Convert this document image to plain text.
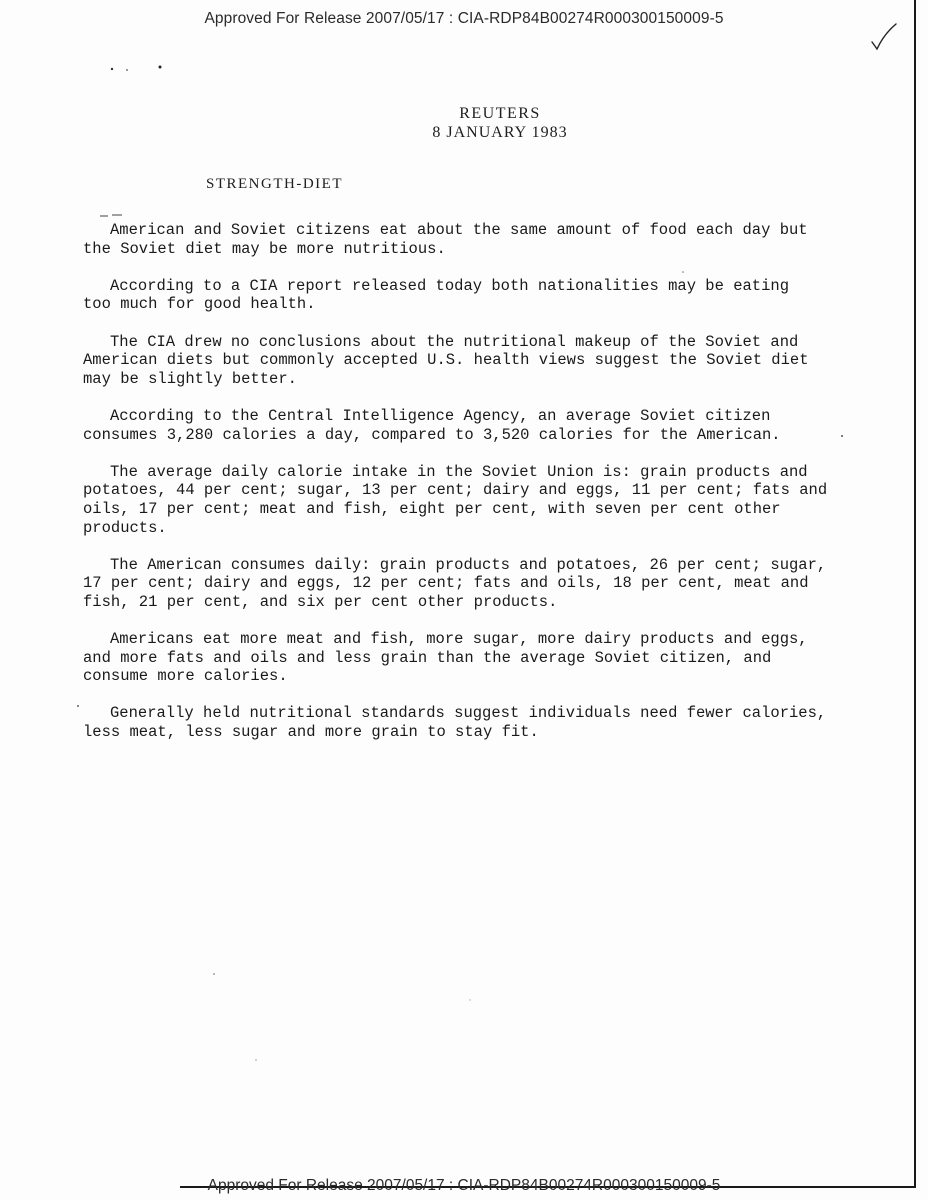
Approved For Release 2007/05/17 : CIA-RDP84B00274R000300150009-5
REUTERS
8 JANUARY 1983
STRENGTH-DIET

American and Soviet citizens eat about the same amount of food each day but
the Soviet diet may be more nutritious.

According to a CIA report released today both nationalities may be eating
too much for good health.

The CIA drew no conclusions about the nutritional makeup of the Soviet and
American diets but commonly accepted U.S. health views suggest the Soviet diet
may be slightly better.

According to the Central Intelligence Agency, an average Soviet citizen
consumes 3,280 calories a day, compared to 3,520 calories for the American.

The average daily calorie intake in the Soviet Union is: grain products and
potatoes, 44 per cent; sugar, 13 per cent; dairy and eggs, 11 per cent; fats and
oils, 17 per cent; meat and fish, eight per cent, with seven per cent other
products.

The American consumes daily: grain products and potatoes, 26 per cent; sugar,
17 per cent; dairy and eggs, 12 per cent; fats and oils, 18 per cent, meat and
fish, 21 per cent, and six per cent other products.

Americans eat more meat and fish, more sugar, more dairy products and eggs,
and more fats and oils and less grain than the average Soviet citizen, and
consume more calories.

Generally held nutritional standards suggest individuals need fewer calories,
less meat, less sugar and more grain to stay fit.

Approved For Release 2007/05/17 : CIA-RDP84B00274R000300150009-5
